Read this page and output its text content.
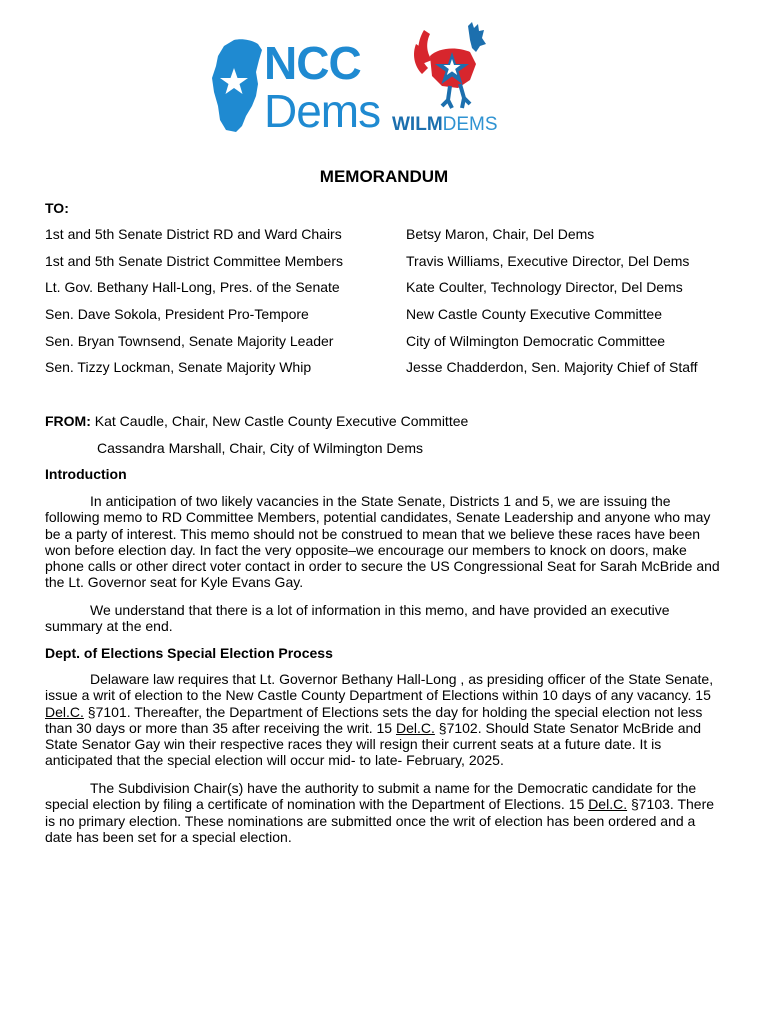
NCC
Dems WILMDEMS
MEMORANDUM
TO:
1st and 5th Senate District RD and Ward Chairs
1st and 5th Senate District Committee Members
Lt. Gov. Bethany Hall-Long, Pres. of the Senate
Sen. Dave Sokola, President Pro-Tempore
Sen. Bryan Townsend, Senate Majority Leader
Sen. Tizzy Lockman, Senate Majority Whip
Betsy Maron, Chair, Del Dems
Travis Williams, Executive Director, Del Dems
Kate Coulter, Technology Director, Del Dems
New Castle County Executive Committee
City of Wilmington Democratic Committee
Jesse Chadderdon, Sen. Majority Chief of Staff
FROM: Kat Caudle, Chair, New Castle County Executive Committee
Cassandra Marshall, Chair, City of Wilmington Dems
Introduction

In anticipation of two likely vacancies in the State Senate, Districts 1 and 5, we are issuing the following memo to RD Committee Members, potential candidates, Senate Leadership and anyone who may be a party of interest. This memo should not be construed to mean that we believe these races have been won before election day. In fact the very opposite–we encourage our members to knock on doors, make phone calls or other direct voter contact in order to secure the US Congressional Seat for Sarah McBride and the Lt. Governor seat for Kyle Evans Gay.

We understand that there is a lot of information in this memo, and have provided an executive summary at the end.

Dept. of Elections Special Election Process

Delaware law requires that Lt. Governor Bethany Hall-Long , as presiding officer of the State Senate, issue a writ of election to the New Castle County Department of Elections within 10 days of any vacancy. 15 Del.C. §7101. Thereafter, the Department of Elections sets the day for holding the special election not less than 30 days or more than 35 after receiving the writ. 15 Del.C. §7102. Should State Senator McBride and State Senator Gay win their respective races they will resign their current seats at a future date. It is anticipated that the special election will occur mid- to late- February, 2025.

The Subdivision Chair(s) have the authority to submit a name for the Democratic candidate for the special election by filing a certificate of nomination with the Department of Elections. 15 Del.C. §7103. There is no primary election. These nominations are submitted once the writ of election has been ordered and a date has been set for a special election.
